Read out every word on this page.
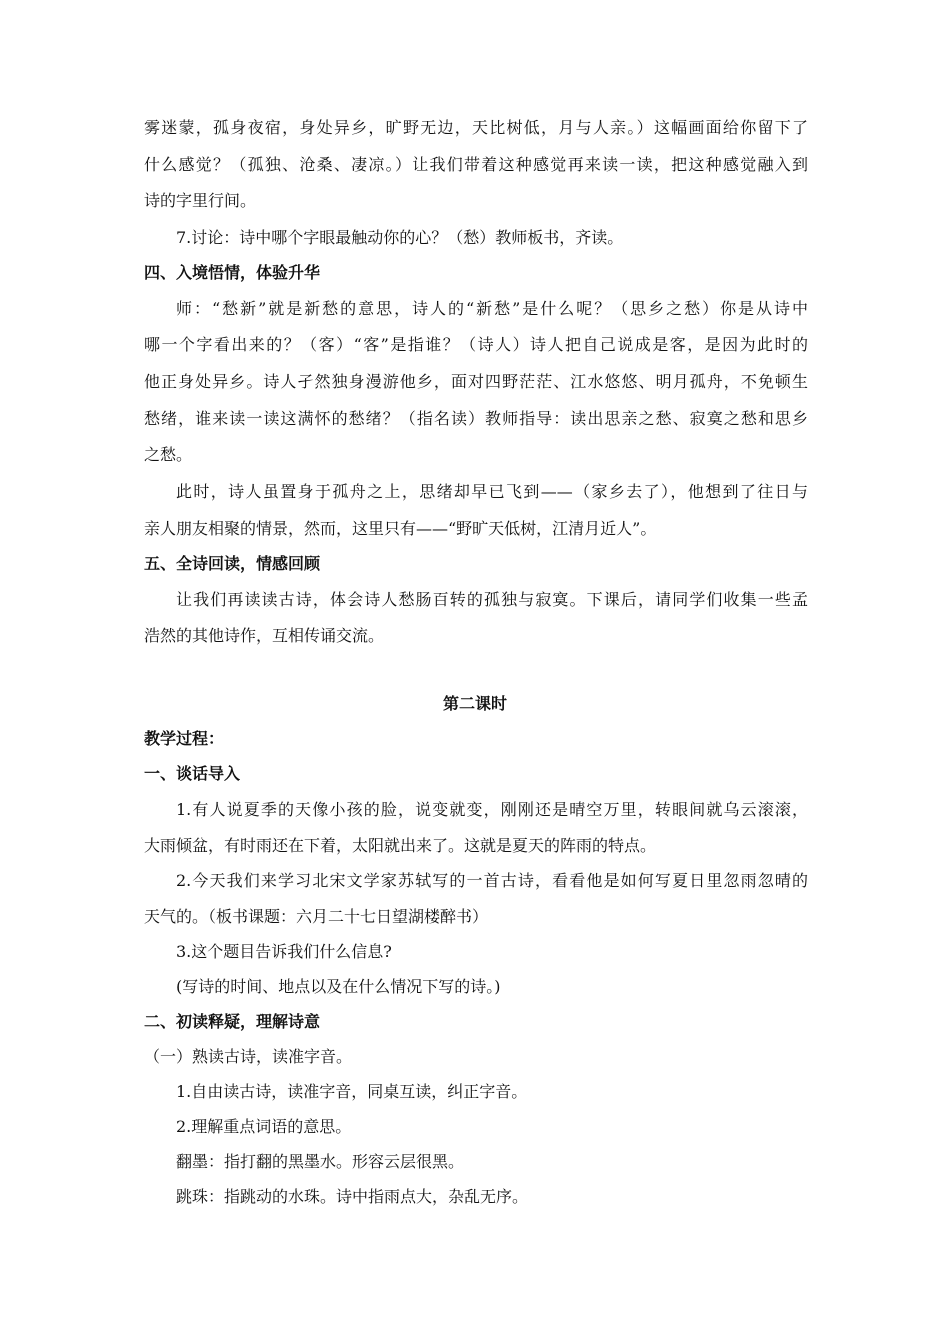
雾迷蒙，孤身夜宿，身处异乡，旷野无边，天比树低，月与人亲。）这幅画面给你留下了
什么感觉？（孤独、沧桑、凄凉。）让我们带着这种感觉再来读一读，把这种感觉融入到
诗的字里行间。
7.讨论：诗中哪个字眼最触动你的心？（愁）教师板书，齐读。
四、入境悟情，体验升华
师：“愁新”就是新愁的意思，诗人的“新愁”是什么呢？（思乡之愁）你是从诗中
哪一个字看出来的？（客）“客”是指谁？（诗人）诗人把自己说成是客，是因为此时的
他正身处异乡。诗人孑然独身漫游他乡，面对四野茫茫、江水悠悠、明月孤舟，不免顿生
愁绪，谁来读一读这满怀的愁绪？（指名读）教师指导：读出思亲之愁、寂寞之愁和思乡
之愁。
此时，诗人虽置身于孤舟之上，思绪却早已飞到——（家乡去了），他想到了往日与
亲人朋友相聚的情景，然而，这里只有——“野旷天低树，江清月近人”。
五、全诗回读，情感回顾
让我们再读读古诗，体会诗人愁肠百转的孤独与寂寞。下课后，请同学们收集一些孟
浩然的其他诗作，互相传诵交流。
第二课时
教学过程：
一、谈话导入
1.有人说夏季的天像小孩的脸，说变就变，刚刚还是晴空万里，转眼间就乌云滚滚，
大雨倾盆，有时雨还在下着，太阳就出来了。这就是夏天的阵雨的特点。
2.今天我们来学习北宋文学家苏轼写的一首古诗，看看他是如何写夏日里忽雨忽晴的
天气的。（板书课题：六月二十七日望湖楼醉书）
3.这个题目告诉我们什么信息?
(写诗的时间、地点以及在什么情况下写的诗。)
二、初读释疑，理解诗意
（一）熟读古诗，读准字音。
1.自由读古诗，读准字音，同桌互读，纠正字音。
2.理解重点词语的意思。
翻墨：指打翻的黑墨水。形容云层很黑。
跳珠：指跳动的水珠。诗中指雨点大，杂乱无序。
